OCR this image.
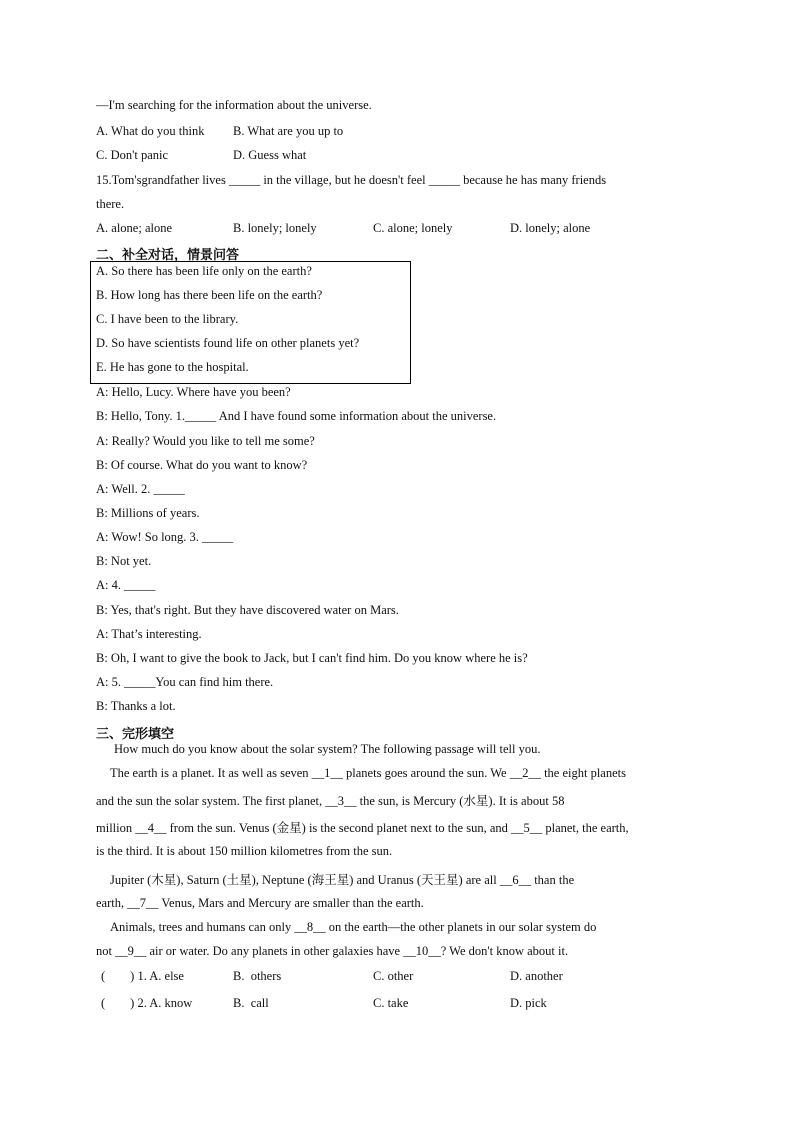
—I'm searching for the information about the universe.
A. What do you think B. What are you up to
C. Don't panic	D. Guess what
15.Tom'sgrandfather lives _____ in the village, but he doesn't feel _____ because he has many friends
there.
A. alone; alone	B. lonely; lonely	C. alone; lonely	D. lonely; alone
二、补全对话，情景问答
A. So there has been life only on the earth?
B. How long has there been life on the earth?
C. I have been to the library.
D. So have scientists found life on other planets yet?
E. He has gone to the hospital.
A: Hello, Lucy. Where have you been?
B: Hello, Tony. 1._____ And I have found some information about the universe.
A: Really? Would you like to tell me some?
B: Of course. What do you want to know?
A: Well. 2. _____
B: Millions of years.
A: Wow! So long. 3. _____
B: Not yet.
A: 4. _____
B: Yes, that's right. But they have discovered water on Mars.
A: That’s interesting.
B: Oh, I want to give the book to Jack, but I can't find him. Do you know where he is?
A: 5. _____You can find him there.
B: Thanks a lot.
三、完形填空
How much do you know about the solar system? The following passage will tell you.
The earth is a planet. It as well as seven __1__ planets goes around the sun. We __2__ the eight planets
and the sun the solar system. The first planet, __3__ the sun, is Mercury (水星). It is about 58
million __4__ from the sun. Venus (金星) is the second planet next to the sun, and __5__ planet, the earth,
is the third. It is about 150 million kilometres from the sun.
Jupiter (木星), Saturn (土星), Neptune (海王星) and Uranus (天王星) are all __6__ than the
earth, __7__ Venus, Mars and Mercury are smaller than the earth.
Animals, trees and humans can only __8__ on the earth—the other planets in our solar system do
not __9__ air or water. Do any planets in other galaxies have __10__? We don't know about it.
(        ) 1. A. else	B.  others	C. other	D. another
(        ) 2. A. know	B.  call	C. take	D. pick
